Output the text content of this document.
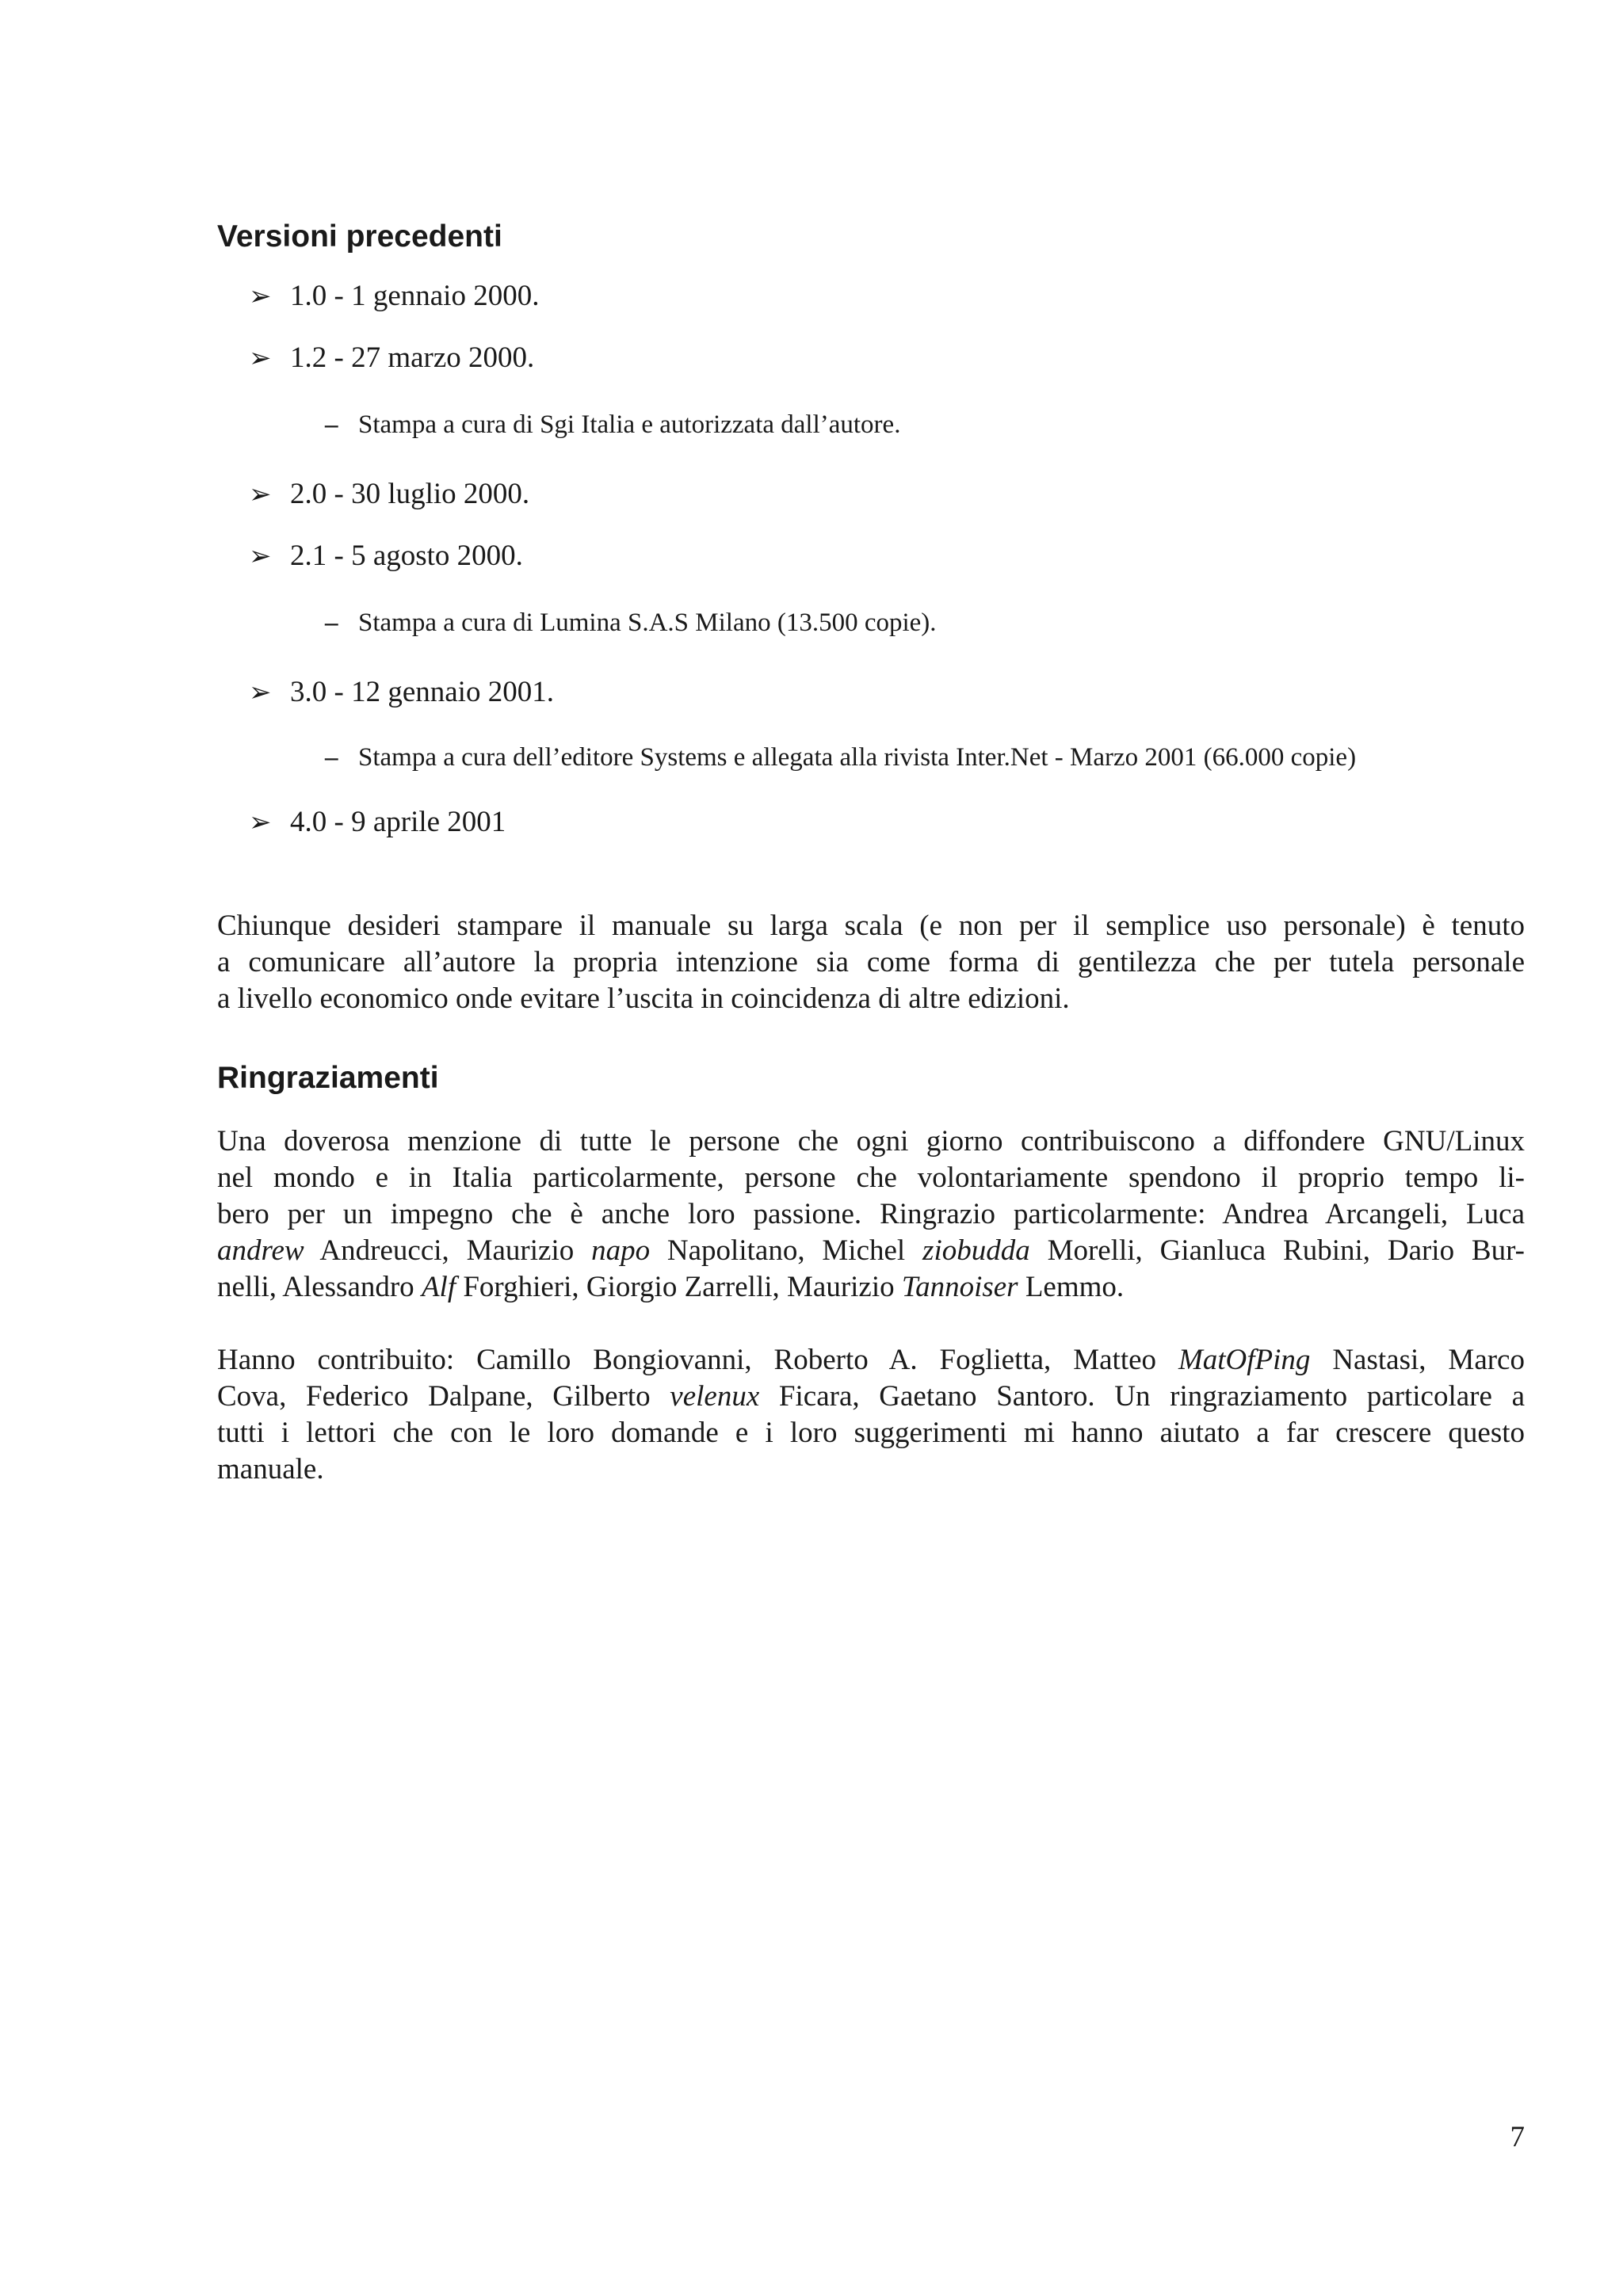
Versioni precedenti
➢ 1.0 - 1 gennaio 2000.
➢ 1.2 - 27 marzo 2000.
– Stampa a cura di Sgi Italia e autorizzata dall’autore.
➢ 2.0 - 30 luglio 2000.
➢ 2.1 - 5 agosto 2000.
– Stampa a cura di Lumina S.A.S Milano (13.500 copie).
➢ 3.0 - 12 gennaio 2001.
– Stampa a cura dell’editore Systems e allegata alla rivista Inter.Net - Marzo 2001 (66.000 copie)
➢ 4.0 - 9 aprile 2001
Chiunque desideri stampare il manuale su larga scala (e non per il semplice uso personale) è tenuto
a comunicare all’autore la propria intenzione sia come forma di gentilezza che per tutela personale
a livello economico onde evitare l’uscita in coincidenza di altre edizioni.
Ringraziamenti
Una doverosa menzione di tutte le persone che ogni giorno contribuiscono a diffondere GNU/Linux
nel mondo e in Italia particolarmente, persone che volontariamente spendono il proprio tempo li-
bero per un impegno che è anche loro passione. Ringrazio particolarmente: Andrea Arcangeli, Luca
andrew Andreucci, Maurizio napo Napolitano, Michel ziobudda Morelli, Gianluca Rubini, Dario Bur-
nelli, Alessandro Alf Forghieri, Giorgio Zarrelli, Maurizio Tannoiser Lemmo.
Hanno contribuito: Camillo Bongiovanni, Roberto A. Foglietta, Matteo MatOfPing Nastasi, Marco
Cova, Federico Dalpane, Gilberto velenux Ficara, Gaetano Santoro. Un ringraziamento particolare a
tutti i lettori che con le loro domande e i loro suggerimenti mi hanno aiutato a far crescere questo
manuale.
7
